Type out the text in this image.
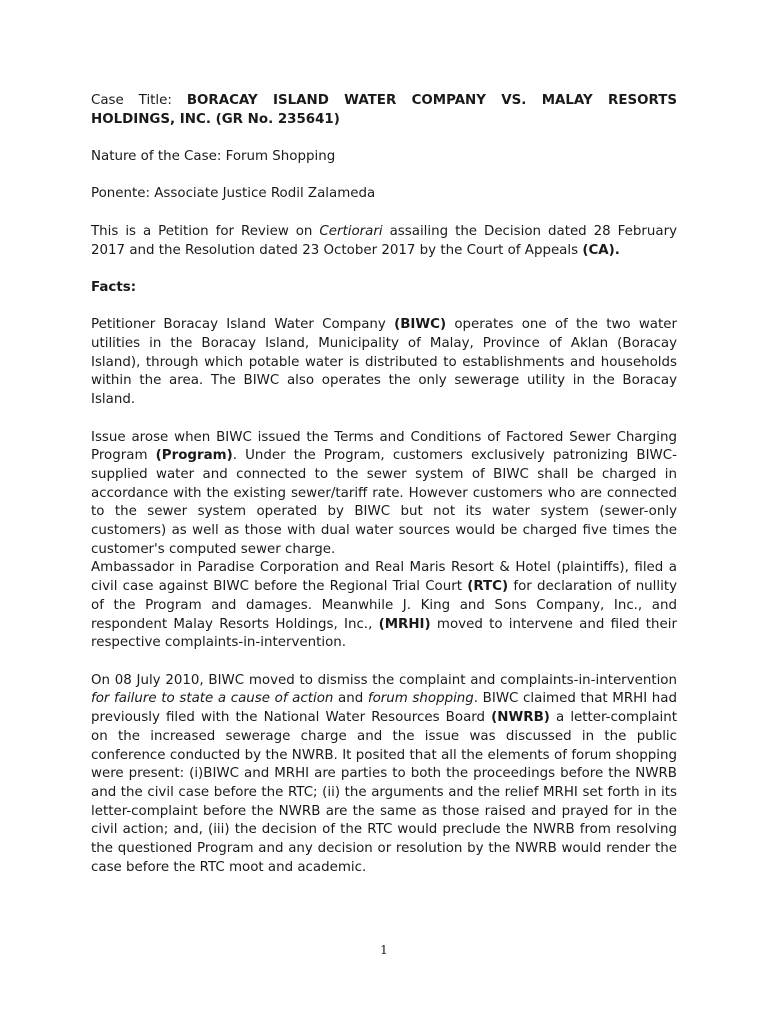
Case Title: BORACAY ISLAND WATER COMPANY VS. MALAY RESORTS HOLDINGS, INC. (GR No. 235641)

Nature of the Case: Forum Shopping

Ponente: Associate Justice Rodil Zalameda

This is a Petition for Review on Certiorari assailing the Decision dated 28 February 2017 and the Resolution dated 23 October 2017 by the Court of Appeals (CA).

Facts:

Petitioner Boracay Island Water Company (BIWC) operates one of the two water utilities in the Boracay Island, Municipality of Malay, Province of Aklan (Boracay Island), through which potable water is distributed to establishments and households within the area. The BIWC also operates the only sewerage utility in the Boracay Island.

Issue arose when BIWC issued the Terms and Conditions of Factored Sewer Charging Program (Program). Under the Program, customers exclusively patronizing BIWC-supplied water and connected to the sewer system of BIWC shall be charged in accordance with the existing sewer/tariff rate. However customers who are connected to the sewer system operated by BIWC but not its water system (sewer-only customers) as well as those with dual water sources would be charged five times the customer's computed sewer charge.

Ambassador in Paradise Corporation and Real Maris Resort & Hotel (plaintiffs), filed a civil case against BIWC before the Regional Trial Court (RTC) for declaration of nullity of the Program and damages. Meanwhile J. King and Sons Company, Inc., and respondent Malay Resorts Holdings, Inc., (MRHI) moved to intervene and filed their respective complaints-in-intervention.

On 08 July 2010, BIWC moved to dismiss the complaint and complaints-in-intervention for failure to state a cause of action and forum shopping. BIWC claimed that MRHI had previously filed with the National Water Resources Board (NWRB) a letter-complaint on the increased sewerage charge and the issue was discussed in the public conference conducted by the NWRB. It posited that all the elements of forum shopping were present: (i)BIWC and MRHI are parties to both the proceedings before the NWRB and the civil case before the RTC; (ii) the arguments and the relief MRHI set forth in its letter-complaint before the NWRB are the same as those raised and prayed for in the civil action; and, (iii) the decision of the RTC would preclude the NWRB from resolving the questioned Program and any decision or resolution by the NWRB would render the case before the RTC moot and academic.

1
